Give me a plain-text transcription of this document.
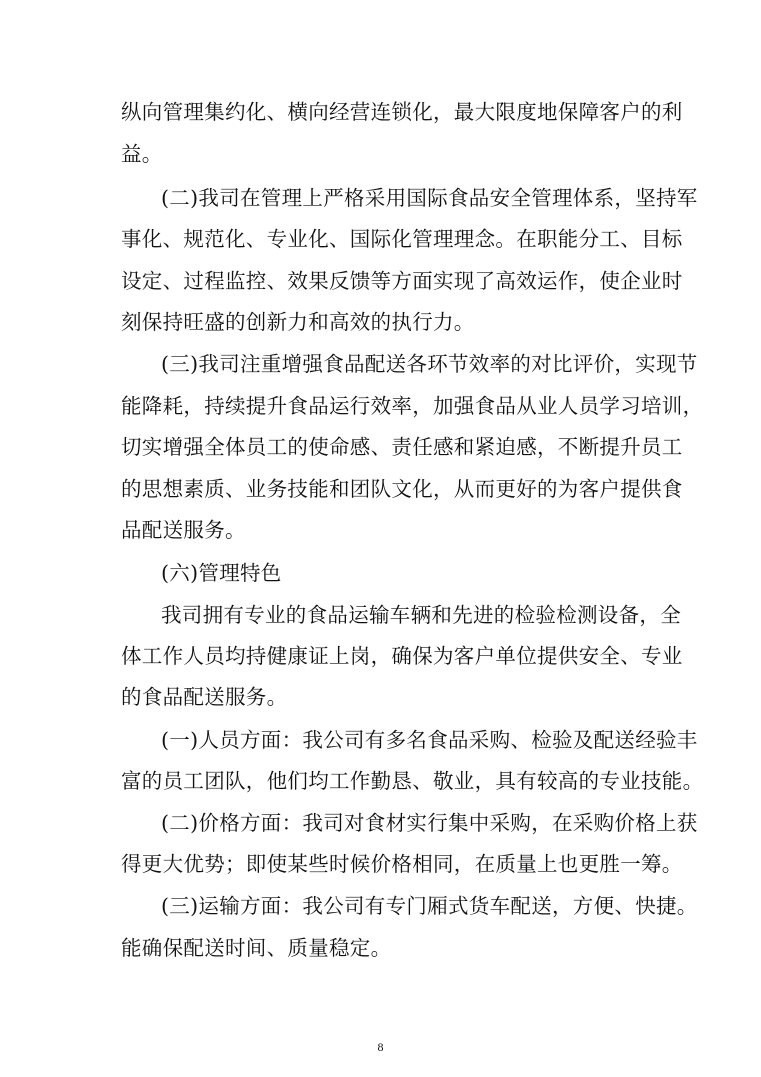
纵向管理集约化、横向经营连锁化，最大限度地保障客户的利
益。
(二)我司在管理上严格采用国际食品安全管理体系，坚持军
事化、规范化、专业化、国际化管理理念。在职能分工、目标
设定、过程监控、效果反馈等方面实现了高效运作，使企业时
刻保持旺盛的创新力和高效的执行力。
(三)我司注重增强食品配送各环节效率的对比评价，实现节
能降耗，持续提升食品运行效率，加强食品从业人员学习培训，
切实增强全体员工的使命感、责任感和紧迫感，不断提升员工
的思想素质、业务技能和团队文化，从而更好的为客户提供食
品配送服务。
(六)管理特色
我司拥有专业的食品运输车辆和先进的检验检测设备，全
体工作人员均持健康证上岗，确保为客户单位提供安全、专业
的食品配送服务。
(一)人员方面：我公司有多名食品采购、检验及配送经验丰
富的员工团队，他们均工作勤恳、敬业，具有较高的专业技能。
(二)价格方面：我司对食材实行集中采购，在采购价格上获
得更大优势；即使某些时候价格相同，在质量上也更胜一筹。
(三)运输方面：我公司有专门厢式货车配送，方便、快捷。
能确保配送时间、质量稳定。
8
